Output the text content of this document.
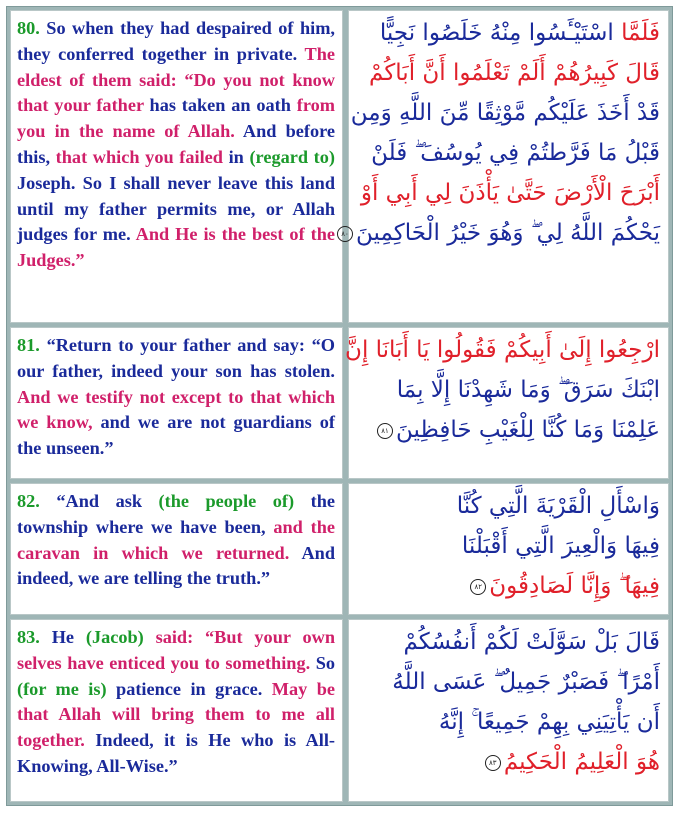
80. So when they had despaired of him, they conferred together in private. The eldest of them said: “Do you not know that your father has taken an oath from you in the name of Allah. And before this, that which you failed in (regard to) Joseph. So I shall never leave this land until my father permits me, or Allah judges for me. And He is the best of the Judges.”

فَلَمَّا اسْتَيْـَٔسُوا مِنْهُ خَلَصُوا نَجِيًّا
قَالَ كَبِيرُهُمْ أَلَمْ تَعْلَمُوا أَنَّ أَبَاكُمْ
قَدْ أَخَذَ عَلَيْكُم مَّوْثِقًا مِّنَ اللَّهِ وَمِن
قَبْلُ مَا فَرَّطتُمْ فِي يُوسُفَ ۖ فَلَنْ
أَبْرَحَ الْأَرْضَ حَتَّىٰ يَأْذَنَ لِي أَبِي أَوْ
يَحْكُمَ اللَّهُ لِي ۖ وَهُوَ خَيْرُ الْحَاكِمِينَ٨٠

81. “Return to your father and say: “O our father, indeed your son has stolen. And we testify not except to that which we know, and we are not guardians of the unseen.”

ارْجِعُوا إِلَىٰ أَبِيكُمْ فَقُولُوا يَا أَبَانَا إِنَّ
ابْنَكَ سَرَقَ ۖ وَمَا شَهِدْنَا إِلَّا بِمَا
عَلِمْنَا وَمَا كُنَّا لِلْغَيْبِ حَافِظِينَ٨١

82. “And ask (the people of) the township where we have been, and the caravan in which we returned. And indeed, we are telling the truth.”

وَاسْأَلِ الْقَرْيَةَ الَّتِي كُنَّا
فِيهَا وَالْعِيرَ الَّتِي أَقْبَلْنَا
فِيهَا ۖ وَإِنَّا لَصَادِقُونَ٨٢

83. He (Jacob) said: “But your own selves have enticed you to something. So (for me is) patience in grace. May be that Allah will bring them to me all together. Indeed, it is He who is All-Knowing, All-Wise.”

قَالَ بَلْ سَوَّلَتْ لَكُمْ أَنفُسُكُمْ
أَمْرًا ۖ فَصَبْرٌ جَمِيلٌ ۖ عَسَى اللَّهُ
أَن يَأْتِيَنِي بِهِمْ جَمِيعًا ۚ إِنَّهُ
هُوَ الْعَلِيمُ الْحَكِيمُ٨٣
